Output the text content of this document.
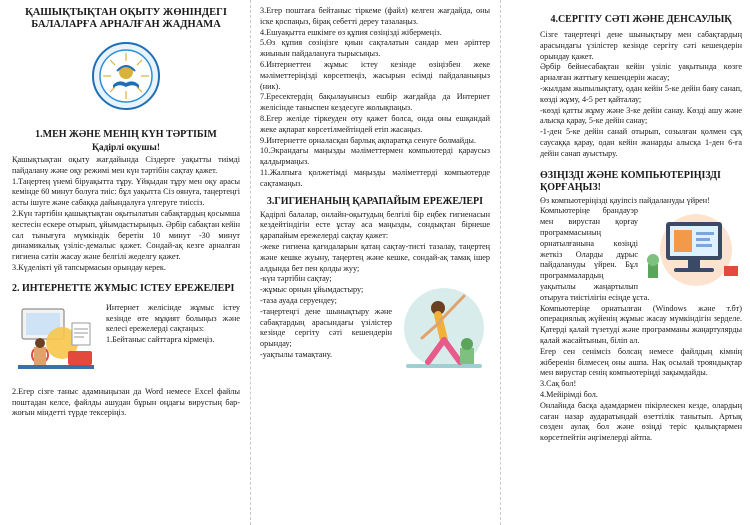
ҚАШЫҚТЫҚТАН ОҚЫТУ ЖӨНІНДЕГІ БАЛАЛАРҒА АРНАЛҒАН ЖАДНАМА
1.МЕН ЖӘНЕ МЕНІҢ КҮН ТӘРТІБІМ
Қадірлі оқушы!

Қашықтықтан оқыту жағдайында Сіздерге уақытты тиімді пайдалану және оқу режимі мен күн тәртібін сақтау қажет.

1.Таңертең үнемі біруақытта тұру. Ұйқыдан тұру мен оқу арасы кемінде 60 минут болуға тиіс: бұл уақытта Сіз оянуға, таңертеңгі асты ішуге және сабаққа дайындалуға үлгеруге тиіссіз.

2.Күн тәртібін қашықтықтан оқытылатын сабақтардың қосымша кестесін ескере отырып, ұйымдастырыңыз. Әрбір сабақтан кейін сал тынығуға мүмкіндік беретін 10 минут -30 минут динамикалық үзіліс-демалыс қажет. Сондай-ақ кезге арналған гигиена сәтін жасау және белгілі жеделгу қажет.

3.Күделікті үй тапсырмасын орындау керек.

2. ИНТЕРНЕТТЕ ЖҰМЫС ІСТЕУ ЕРЕЖЕЛЕРІ

Интернет желісінде жұмыс істеу кезінде өте мұқият болыңыз және келесі ережелерді сақтаңыз:

1.Бейтаныс сайттарға кірмеңіз.

2.Егер сізге таныс адамныңызан да Word немесе Excel файлы поштадан келсе, файлды ашудан бұрын оңдағы вирустың бар-жоғын міндетті түрде тексеріңіз.

3.Егер поштаға бейтаныс тіркеме (файл) келген жағдайда, оны іске қоспаңыз, бірақ себетті дерeу тазалаңыз.

4.Ешуақытта ешкімге өз құпия сөзіңізді жібермеңіз.

5.Өз құпия сөзіңізге қиын сақталатын сандар мен әріптер жиынын пайдалануға тырысыңыз.

6.Интернеттен жұмыс істеу кезінде өзіңізбен жеке мәліметтеріңізді көрсетпеңіз, жасырын есімді пайдаланыңыз (ник).

7.Ересектердің бақылауынсыз ешбір жағдайда да Интернет желісінде таныспен кездесуге жолықпаңыз.

8.Егер желіде тіркеуден өту қажет болса, онда оны ешқандай жеке ақпарат көрсетілмейтіндей етіп жасаңыз.

9.Интернетте орналасқан барлық ақпаратқа сенуге болмайды.

10.Экрандағы маңызды мәліметтермен компьютерді қараусыз қалдырмаңыз.

11.Жалпыға қолжетімді маңызды мәліметтерді компьютерде сақтамаңыз.

3.ГИГИЕНАНЫҢ ҚАРАПАЙЫМ ЕРЕЖЕЛЕРІ

Қадірлі балалар, онлайн-оқытудың белгілі бір еңбек гигиенасын кездейтіндігін есте ұстау аса маңызды, сондықтан бірнеше қарапайым ережелерді сақтау қажет:

-жеке гигиена қағидаларын қатаң сақтау-тисті тазалау, таңертең және кешке жуыну, таңертең және кешке, сондай-ақ тамақ ішер алдында бет пен қолды жуу;

-күн тәртібін сақтау;

-жұмыс орнын ұйымдастыру;

-таза ауада серуендеу;

-таңертеңгі дене шынықтыру және сабақтардың арасындағы үзілістер кезінде сергіту сәті кешендерін орындау;

-уақтылы тамақтану.

4.СЕРГІТУ СӘТІ ЖӘНЕ ДЕНСАУЛЫҚ

Сізге таңертеңгі дене шынықтыру мен сабақтардың арасындағы үзілістер кезінде сергіту сәті кешендерін орындау қажет.

Әрбір бейнесабақтан кейін үзіліс уақытында көзге арналған жаттығу кешендерін жасау;

-жылдам жыпылықтату, одан кейін 5-ке дейін баяу санап, көзді жұму, 4-5 рет қайталау;

-көзді қатты жұму және 3-ке дейін санау. Көзді ашу және алысқа қарау, 5-ке дейін санау;

-1-ден 5-ке дейін санай отырып, созылған қолмен сұқ саусаққа қарау, одан кейін жанарды алысқа 1-ден 6-ға дейін санап ауыстыру.

ӨЗІҢІЗДІ ЖӘНЕ КОМПЬЮТЕРІҢІЗДІ ҚОРҒАҢЫЗ!

Өз компьютеріңізді қауіпсіз пайдалануды үйрен!

Компьютеріңе брандауэр мен вирустан қорғау программасының орнатылғанына көзіңді жеткіз Оларды дұрыс пайдалануды үйрен. Бұл программалардың уақытылы жаңартылып отыруға тиістілігін есіңде ұста.

Компьютеріңе орнатылған (Windows және т.бт) операциялық жүйенің жұмыс жасау мүмкіндігін зерделе. Қатерді қалай түзетуді және программаны жаңартулярды қалай жасайтынын, біліп ал.

Егер сен сенімсіз болсаң немесе файлдың кімнің жіберенін білмесең оны ашпа. Нақ осылай трояндықтар мен вирустар сенің компьютеріңді зақымдайды.

3.Сақ бол!

4.Мейірімді бол.

Онлайнда басқа адамдармен пікірлескен кезде, олардың саған назар аударатындай өзеттілік танытып. Артық сөзден аулақ бол және өзіңді теріс қылықтармен көрсетпейтін әңгімелерді айтпа.
